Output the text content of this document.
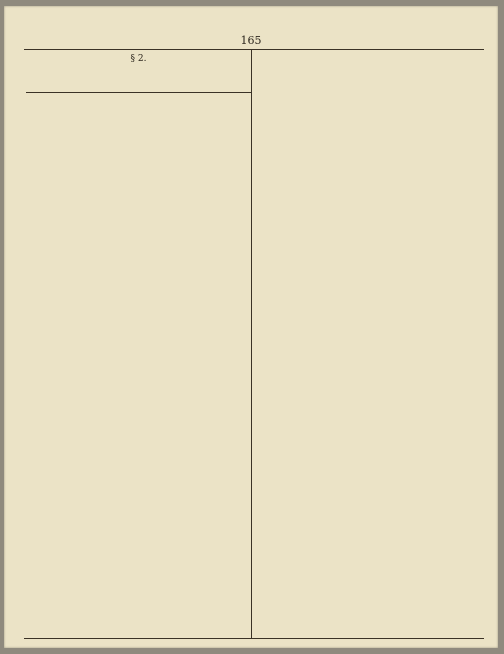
165
§ 2.
